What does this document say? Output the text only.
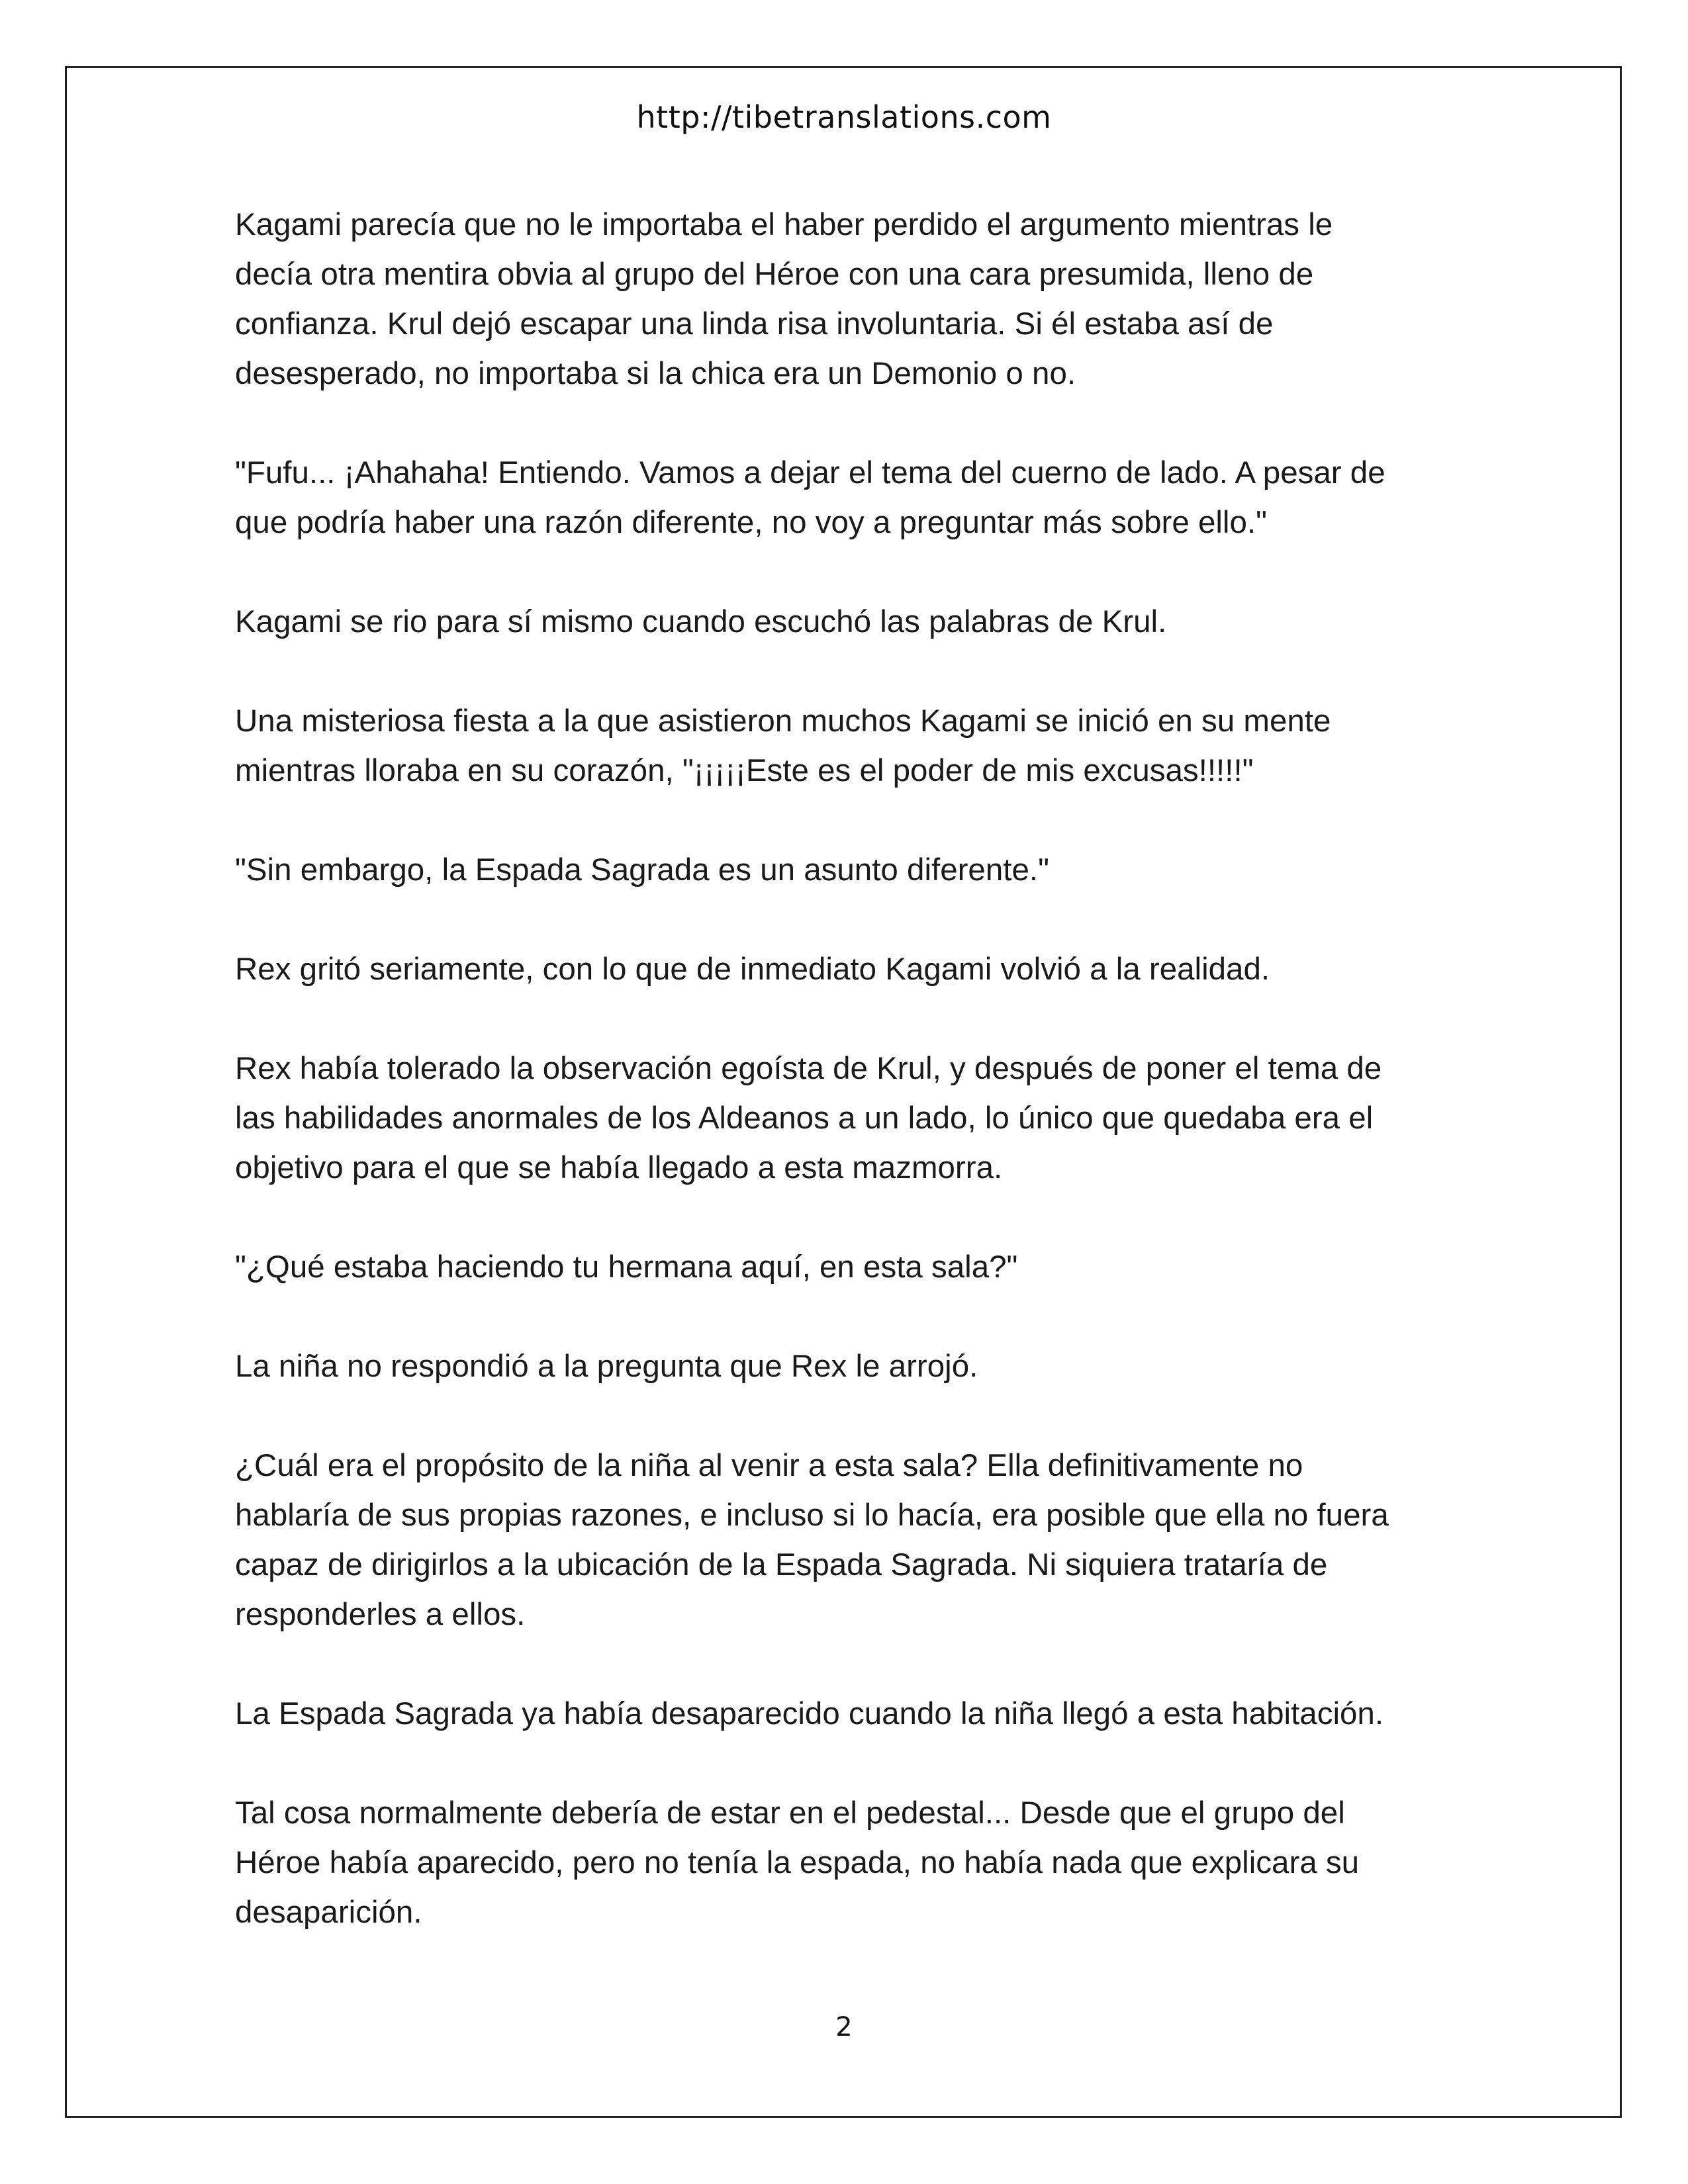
http://tibetranslations.com

Kagami parecía que no le importaba el haber perdido el argumento mientras le
decía otra mentira obvia al grupo del Héroe con una cara presumida, lleno de
confianza. Krul dejó escapar una linda risa involuntaria. Si él estaba así de
desesperado, no importaba si la chica era un Demonio o no.

"Fufu... ¡Ahahaha! Entiendo. Vamos a dejar el tema del cuerno de lado. A pesar de
que podría haber una razón diferente, no voy a preguntar más sobre ello."

Kagami se rio para sí mismo cuando escuchó las palabras de Krul.

Una misteriosa fiesta a la que asistieron muchos Kagami se inició en su mente
mientras lloraba en su corazón, "¡¡¡¡¡Este es el poder de mis excusas!!!!!"

"Sin embargo, la Espada Sagrada es un asunto diferente."

Rex gritó seriamente, con lo que de inmediato Kagami volvió a la realidad.

Rex había tolerado la observación egoísta de Krul, y después de poner el tema de
las habilidades anormales de los Aldeanos a un lado, lo único que quedaba era el
objetivo para el que se había llegado a esta mazmorra.

"¿Qué estaba haciendo tu hermana aquí, en esta sala?"

La niña no respondió a la pregunta que Rex le arrojó.

¿Cuál era el propósito de la niña al venir a esta sala? Ella definitivamente no
hablaría de sus propias razones, e incluso si lo hacía, era posible que ella no fuera
capaz de dirigirlos a la ubicación de la Espada Sagrada. Ni siquiera trataría de
responderles a ellos.

La Espada Sagrada ya había desaparecido cuando la niña llegó a esta habitación.

Tal cosa normalmente debería de estar en el pedestal... Desde que el grupo del
Héroe había aparecido, pero no tenía la espada, no había nada que explicara su
desaparición.

2
